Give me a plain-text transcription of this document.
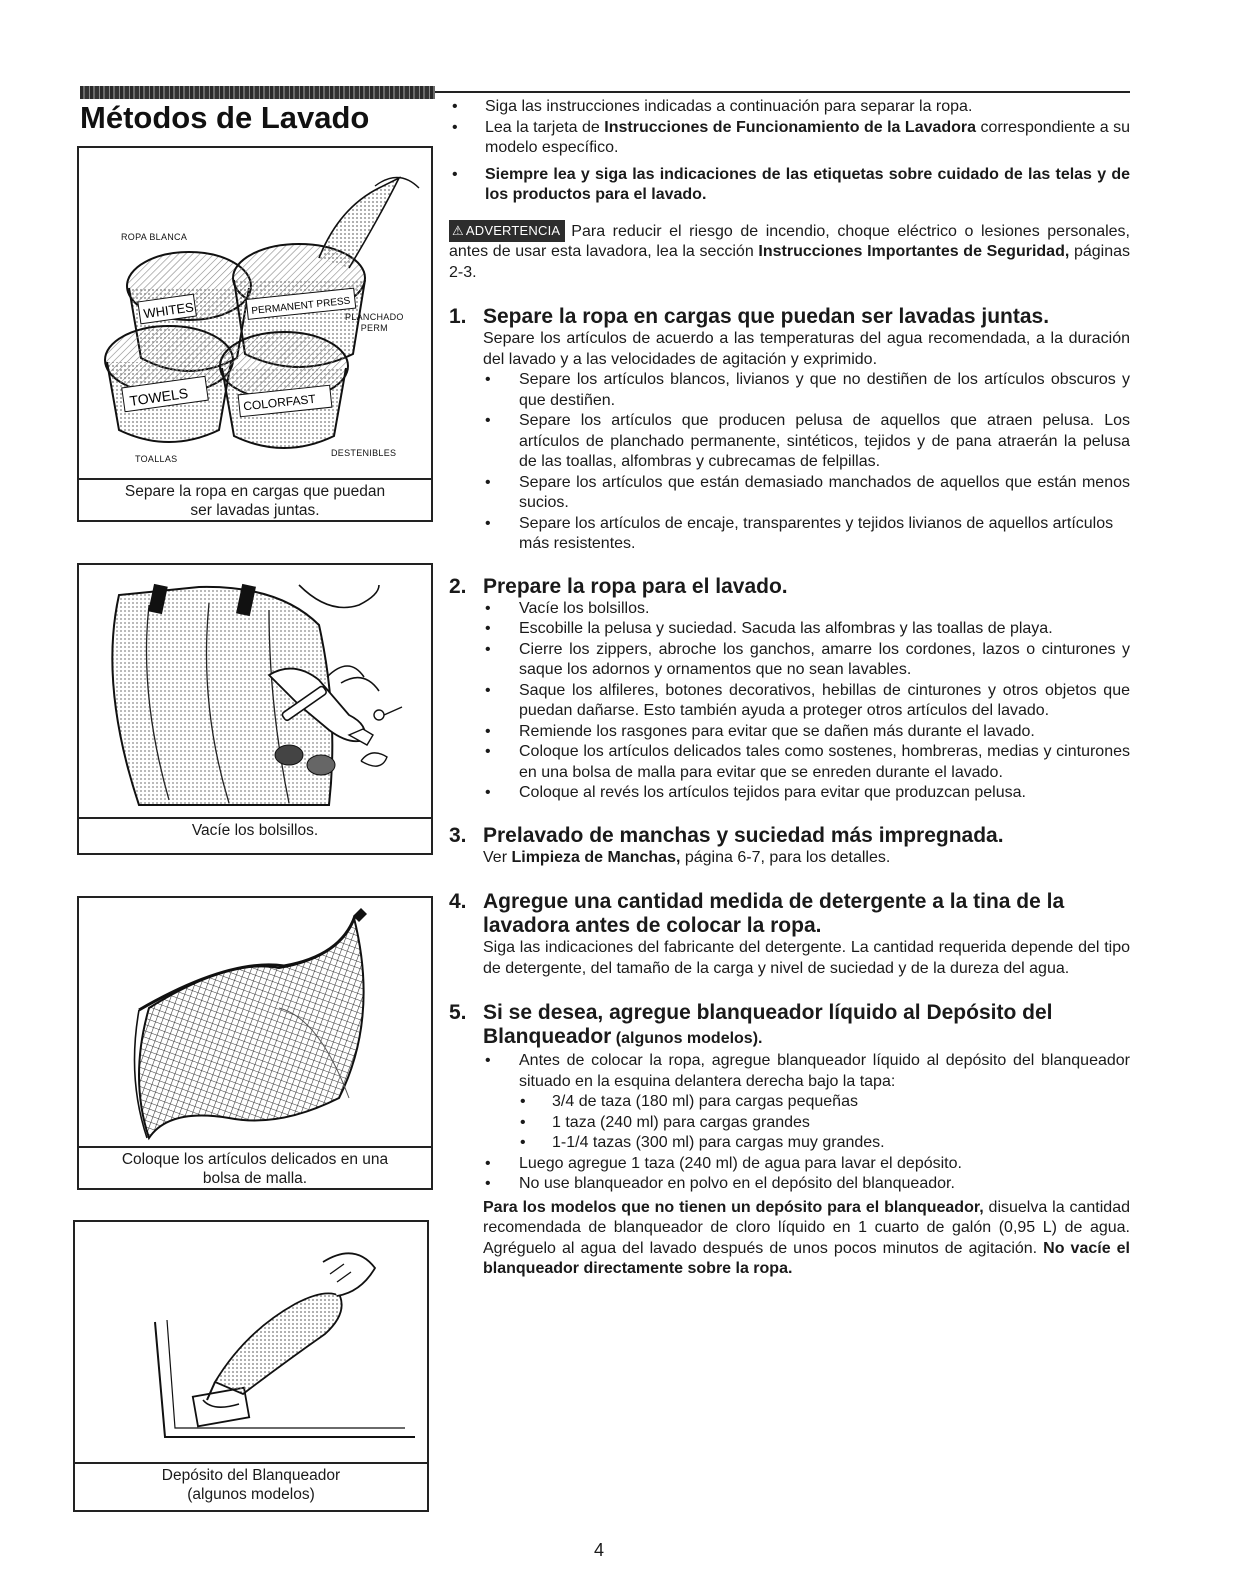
Métodos de Lavado
ROPA BLANCA
PLANCHADO
PERM
TOALLAS
DESTENIBLES
WHITES	PERMANENT PRESS
TOWELS	COLORFAST
Separe la ropa en cargas que puedan
ser lavadas juntas.
Vacíe los bolsillos.
Coloque los artículos delicados en una
bolsa de malla.
Depósito del Blanqueador
(algunos modelos)

• Siga las instrucciones indicadas a continuación para separar la ropa.

• Lea la tarjeta de Instrucciones de Funcionamiento de la Lavadora correspondiente a su modelo específico.

• Siempre lea y siga las indicaciones de las etiquetas sobre cuidado de las telas y de los productos para el lavado.

⚠ ADVERTENCIA Para reducir el riesgo de incendio, choque eléctrico o lesiones personales, antes de usar esta lavadora, lea la sección Instrucciones Importantes de Seguridad, páginas 2-3.

1. Separe la ropa en cargas que puedan ser lavadas juntas.

Separe los artículos de acuerdo a las temperaturas del agua recomendada, a la duración del lavado y a las velocidades de agitación y exprimido.

• Separe los artículos blancos, livianos y que no destiñen de los artículos obscuros y que destiñen.

• Separe los artículos que producen pelusa de aquellos que atraen pelusa. Los artículos de planchado permanente, sintéticos, tejidos y de pana atraerán la pelusa de las toallas, alfombras y cubrecamas de felpillas.

• Separe los artículos que están demasiado manchados de aquellos que están menos sucios.

• Separe los artículos de encaje, transparentes y tejidos livianos de aquellos artículos más resistentes.

2. Prepare la ropa para el lavado.

• Vacíe los bolsillos.

• Escobille la pelusa y suciedad. Sacuda las alfombras y las toallas de playa.

• Cierre los zippers, abroche los ganchos, amarre los cordones, lazos o cinturones y saque los adornos y ornamentos que no sean lavables.

• Saque los alfileres, botones decorativos, hebillas de cinturones y otros objetos que puedan dañarse. Esto también ayuda a proteger otros artículos del lavado.

• Remiende los rasgones para evitar que se dañen más durante el lavado.

• Coloque los artículos delicados tales como sostenes, hombreras, medias y cinturones en una bolsa de malla para evitar que se enreden durante el lavado.

• Coloque al revés los artículos tejidos para evitar que produzcan pelusa.

3. Prelavado de manchas y suciedad más impregnada.

Ver Limpieza de Manchas, página 6-7, para los detalles.

4. Agregue una cantidad medida de detergente a la tina de la lavadora antes de colocar la ropa.

Siga las indicaciones del fabricante del detergente. La cantidad requerida depende del tipo de detergente, del tamaño de la carga y nivel de suciedad y de la dureza del agua.

5. Si se desea, agregue blanqueador líquido al Depósito del Blanqueador (algunos modelos).

• Antes de colocar la ropa, agregue blanqueador líquido al depósito del blanqueador situado en la esquina delantera derecha bajo la tapa:

• 3/4 de taza (180 ml) para cargas pequeñas

• 1 taza (240 ml) para cargas grandes

• 1-1/4 tazas (300 ml) para cargas muy grandes.

• Luego agregue 1 taza (240 ml) de agua para lavar el depósito.

• No use blanqueador en polvo en el depósito del blanqueador.

Para los modelos que no tienen un depósito para el blanqueador, disuelva la cantidad recomendada de blanqueador de cloro líquido en 1 cuarto de galón (0,95 L) de agua. Agréguelo al agua del lavado después de unos pocos minutos de agitación. No vacíe el blanqueador directamente sobre la ropa.

4
